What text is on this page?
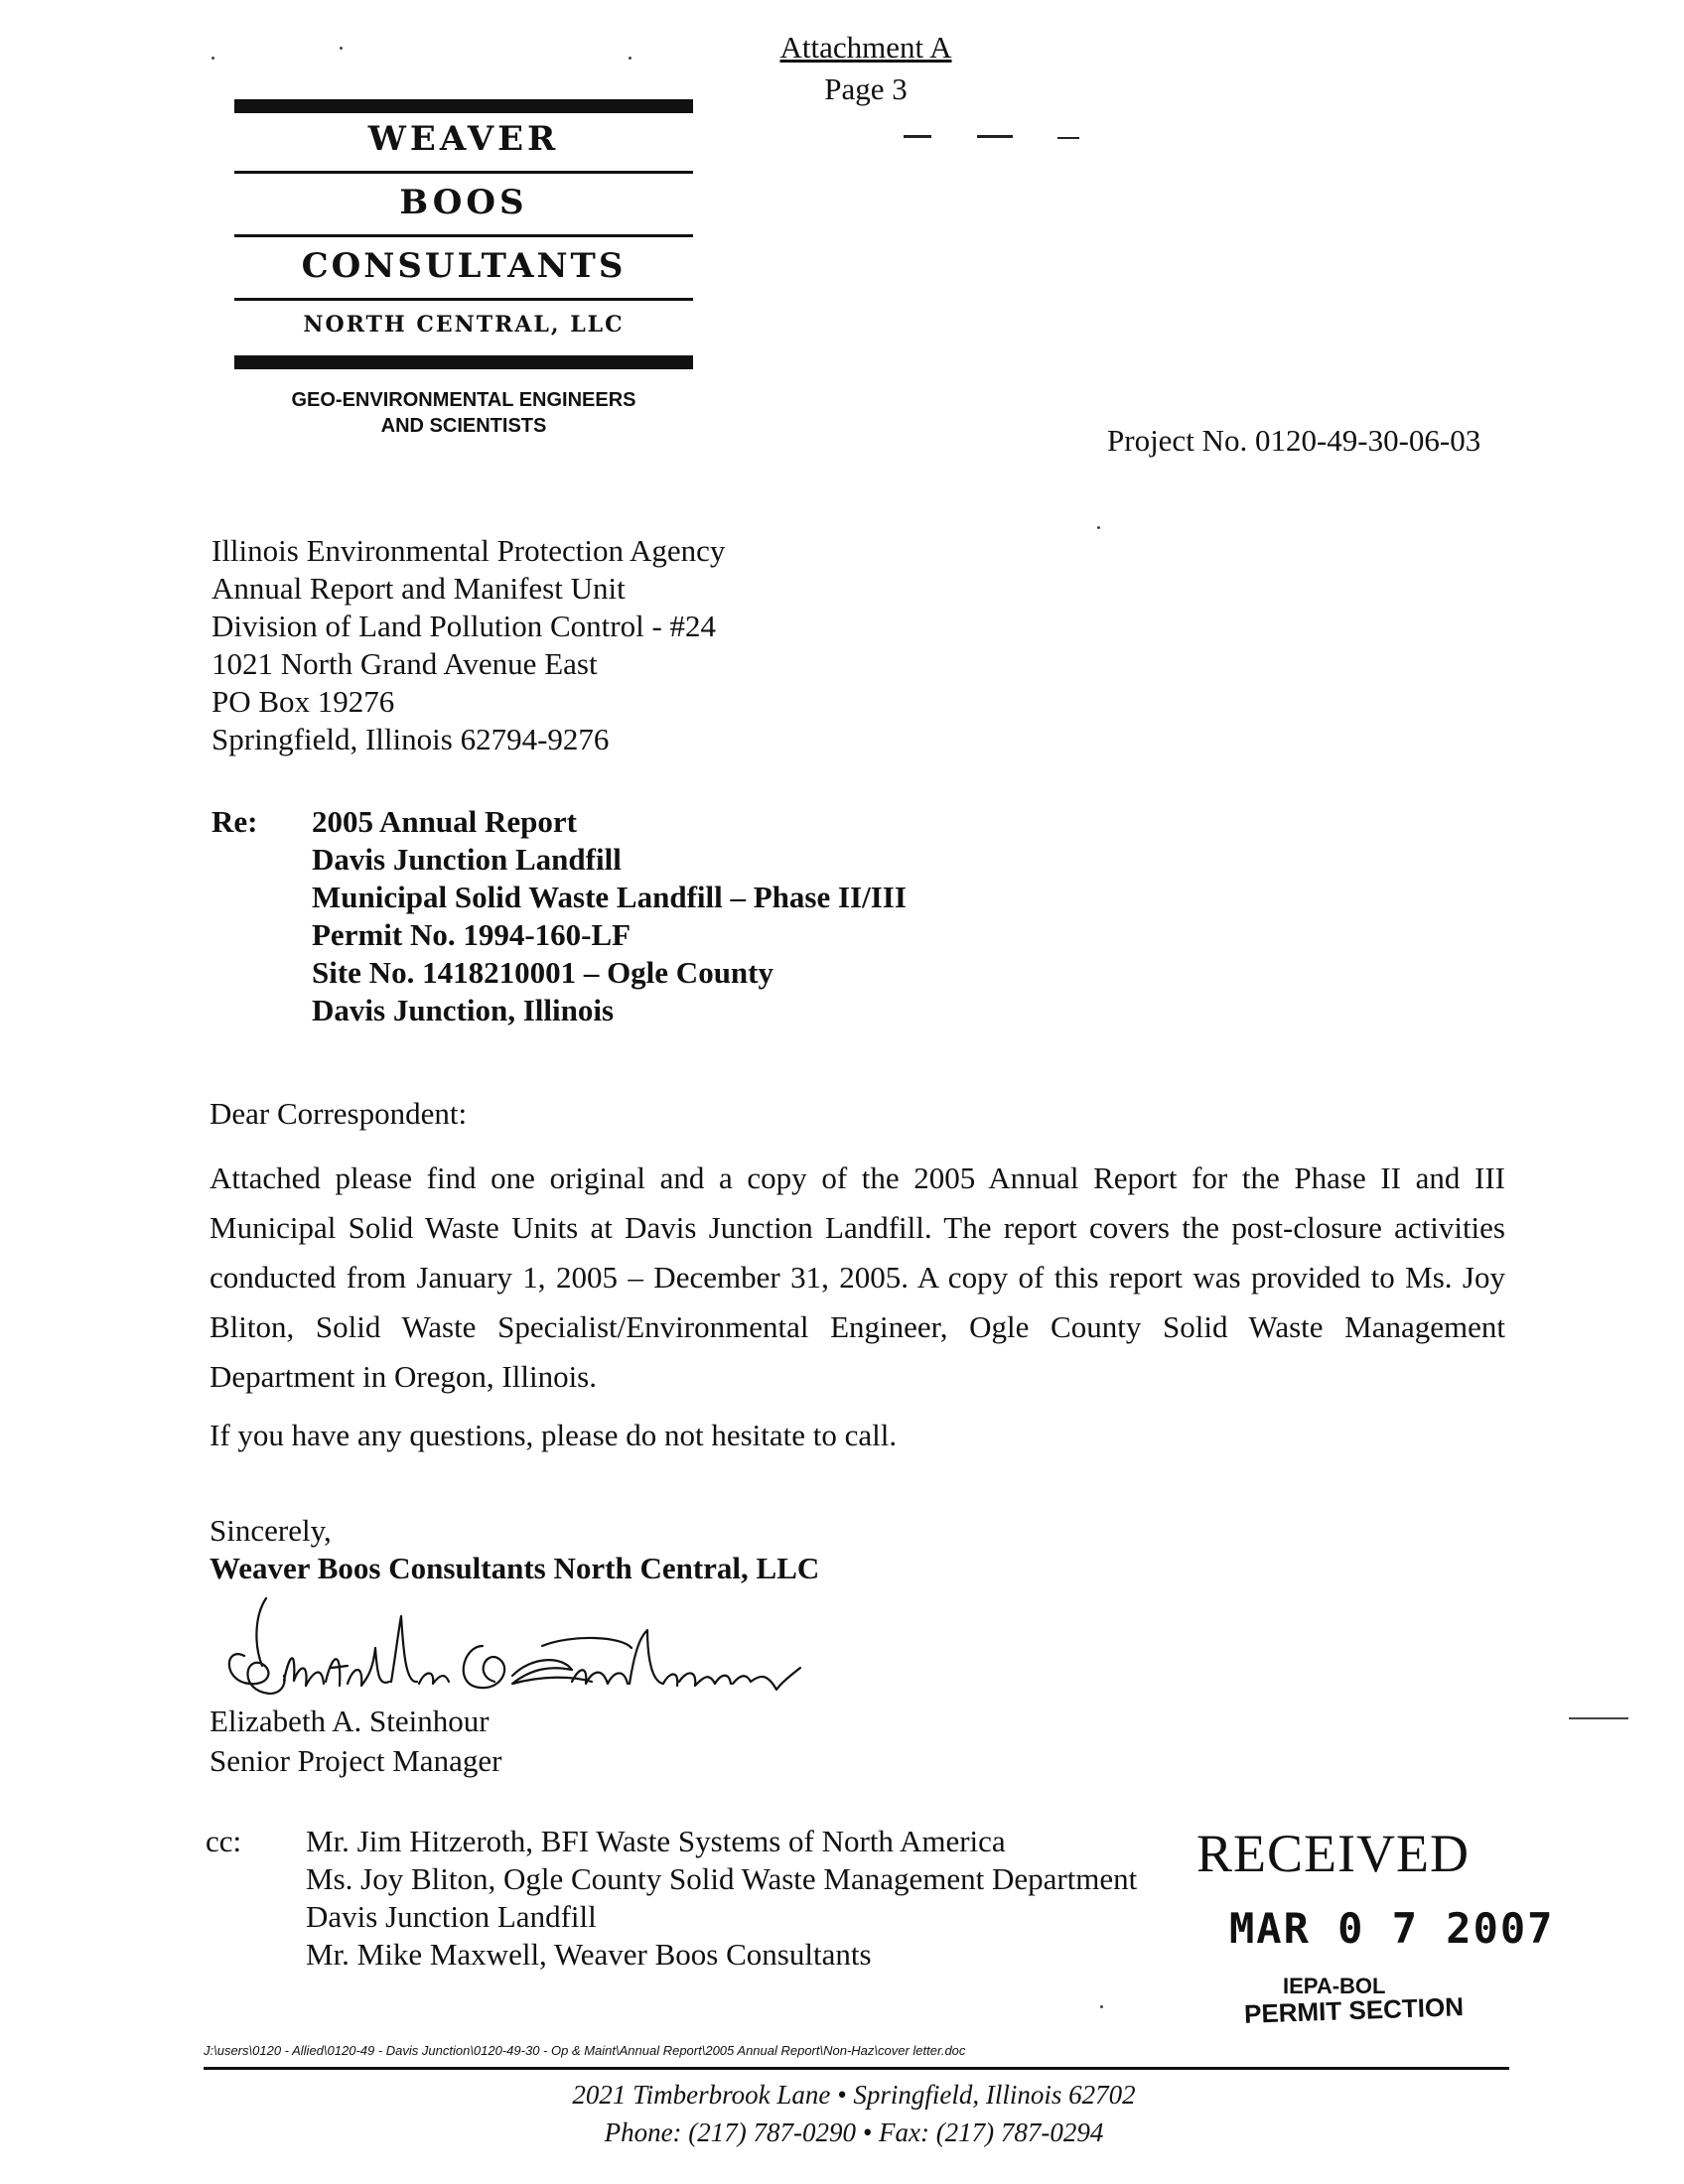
Attachment A
Page 3
WEAVER
BOOS
CONSULTANTS
NORTH CENTRAL, LLC
GEO-ENVIRONMENTAL ENGINEERS
AND SCIENTISTS	Project No. 0120-49-30-06-03
Illinois Environmental Protection Agency
Annual Report and Manifest Unit
Division of Land Pollution Control - #24
1021 North Grand Avenue East
PO Box 19276
Springfield, Illinois 62794-9276
Re: 2005 Annual Report
Davis Junction Landfill
Municipal Solid Waste Landfill – Phase II/III
Permit No. 1994-160-LF
Site No. 1418210001 – Ogle County
Davis Junction, Illinois
Dear Correspondent:
Attached please find one original and a copy of the 2005 Annual Report for the Phase II and III Municipal Solid Waste Units at Davis Junction Landfill. The report covers the post-closure activities conducted from January 1, 2005 – December 31, 2005. A copy of this report was provided to Ms. Joy Bliton, Solid Waste Specialist/Environmental Engineer, Ogle County Solid Waste Management Department in Oregon, Illinois.
If you have any questions, please do not hesitate to call.
Sincerely,
Weaver Boos Consultants North Central, LLC
Elizabeth A. Steinhour
Senior Project Manager
cc: Mr. Jim Hitzeroth, BFI Waste Systems of North America
Ms. Joy Bliton, Ogle County Solid Waste Management Department
Davis Junction Landfill
Mr. Mike Maxwell, Weaver Boos Consultants
RECEIVED
MAR 0 7 2007
IEPA-BOL
PERMIT SECTION
J:\users\0120 - Allied\0120-49 - Davis Junction\0120-49-30 - Op & Maint\Annual Report\2005 Annual Report\Non-Haz\cover letter.doc
2021 Timberbrook Lane • Springfield, Illinois 62702
Phone: (217) 787-0290 • Fax: (217) 787-0294
